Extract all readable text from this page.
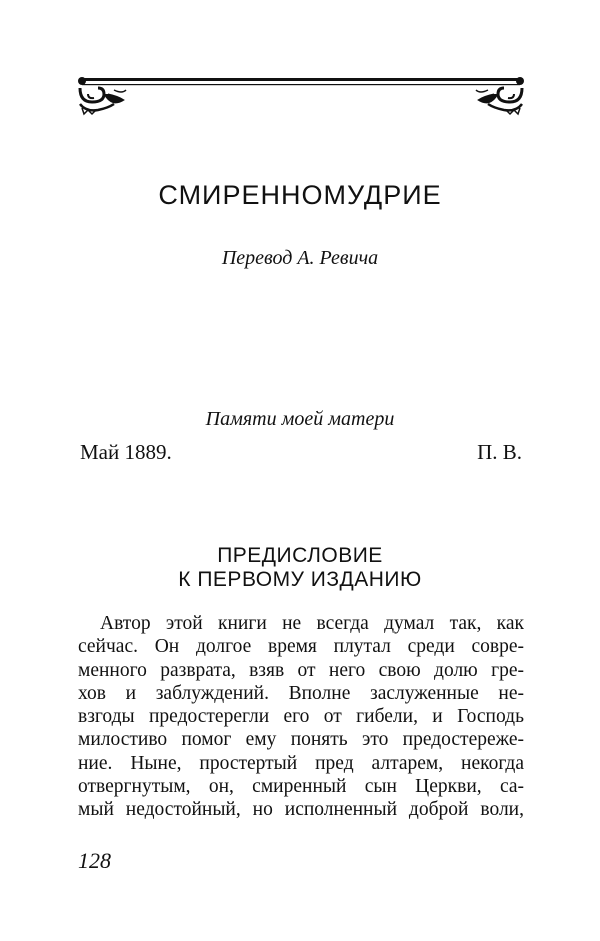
СМИРЕННОМУДРИЕ
Перевод А. Ревича
Памяти моей матери
Май 1889.	П. В.
ПРЕДИСЛОВИЕ
К ПЕРВОМУ ИЗДАНИЮ
Автор этой книги не всегда думал так, как
сейчас. Он долгое время плутал среди совре-
менного разврата, взяв от него свою долю гре-
хов и заблуждений. Вполне заслуженные не-
взгоды предостерегли его от гибели, и Господь
милостиво помог ему понять это предостереже-
ние. Ныне, простертый пред алтарем, некогда
отвергнутым, он, смиренный сын Церкви, са-
мый недостойный, но исполненный доброй воли,
128
